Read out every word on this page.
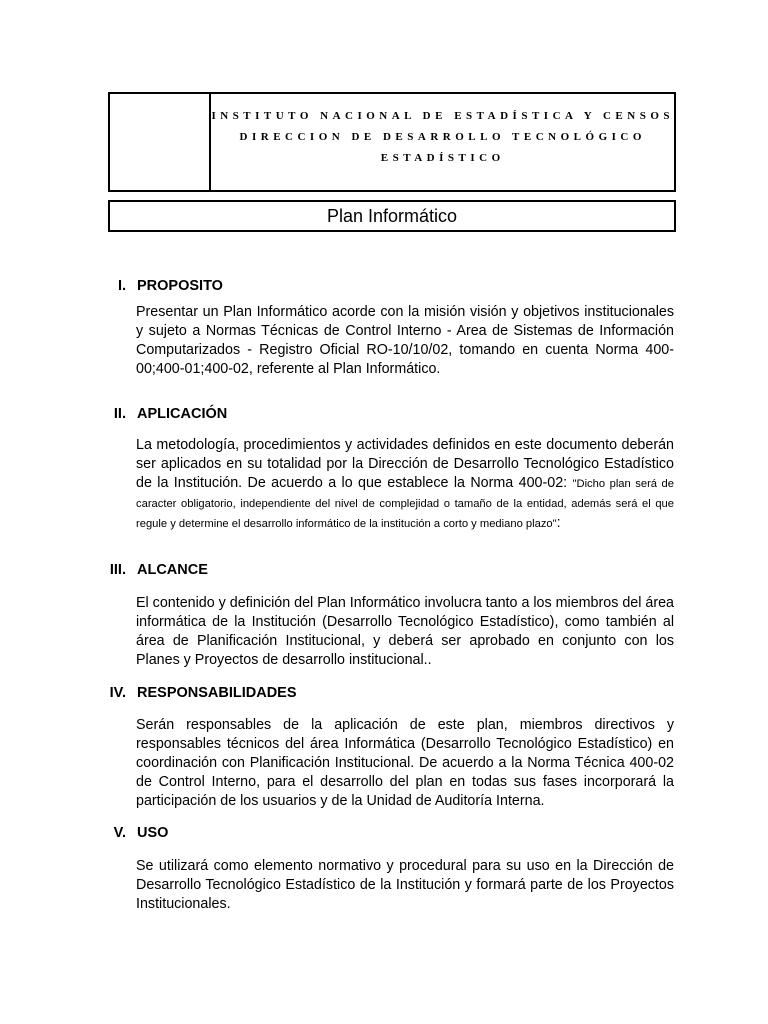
INSTITUTO NACIONAL DE ESTADÍSTICA Y CENSOS
DIRECCION DE DESARROLLO TECNOLÓGICO
ESTADÍSTICO
Plan Informático
I. PROPOSITO
Presentar un Plan Informático acorde con la misión visión y objetivos institucionales y sujeto a Normas Técnicas de Control Interno - Area de Sistemas de Información Computarizados - Registro Oficial RO-10/10/02, tomando en cuenta Norma 400-00;400-01;400-02, referente al Plan Informático.
II. APLICACIÓN
La metodología, procedimientos y actividades definidos en este documento deberán ser aplicados en su totalidad por la Dirección de Desarrollo Tecnológico Estadístico de la Institución. De acuerdo a lo que establece la Norma 400-02: "Dicho plan será de caracter obligatorio, independiente del nivel de complejidad o tamaño de la entidad, además será el que regule y determine el desarrollo informático de la institución a corto y mediano plazo":
III. ALCANCE
El contenido y definición del Plan Informático involucra tanto a los miembros del área informática de la Institución (Desarrollo Tecnológico Estadístico), como también al área de Planificación Institucional, y deberá ser aprobado en conjunto con los Planes y Proyectos de desarrollo institucional..
IV. RESPONSABILIDADES
Serán responsables de la aplicación de este plan, miembros directivos y responsables técnicos del área Informática (Desarrollo Tecnológico Estadístico) en coordinación con Planificación Institucional. De acuerdo a la Norma Técnica 400-02 de Control Interno, para el desarrollo del plan en todas sus fases incorporará la participación de los usuarios y de la Unidad de Auditoría Interna.
V. USO
Se utilizará como elemento normativo y procedural para su uso en la Dirección de Desarrollo Tecnológico Estadístico de la Institución y formará parte de los Proyectos Institucionales.
